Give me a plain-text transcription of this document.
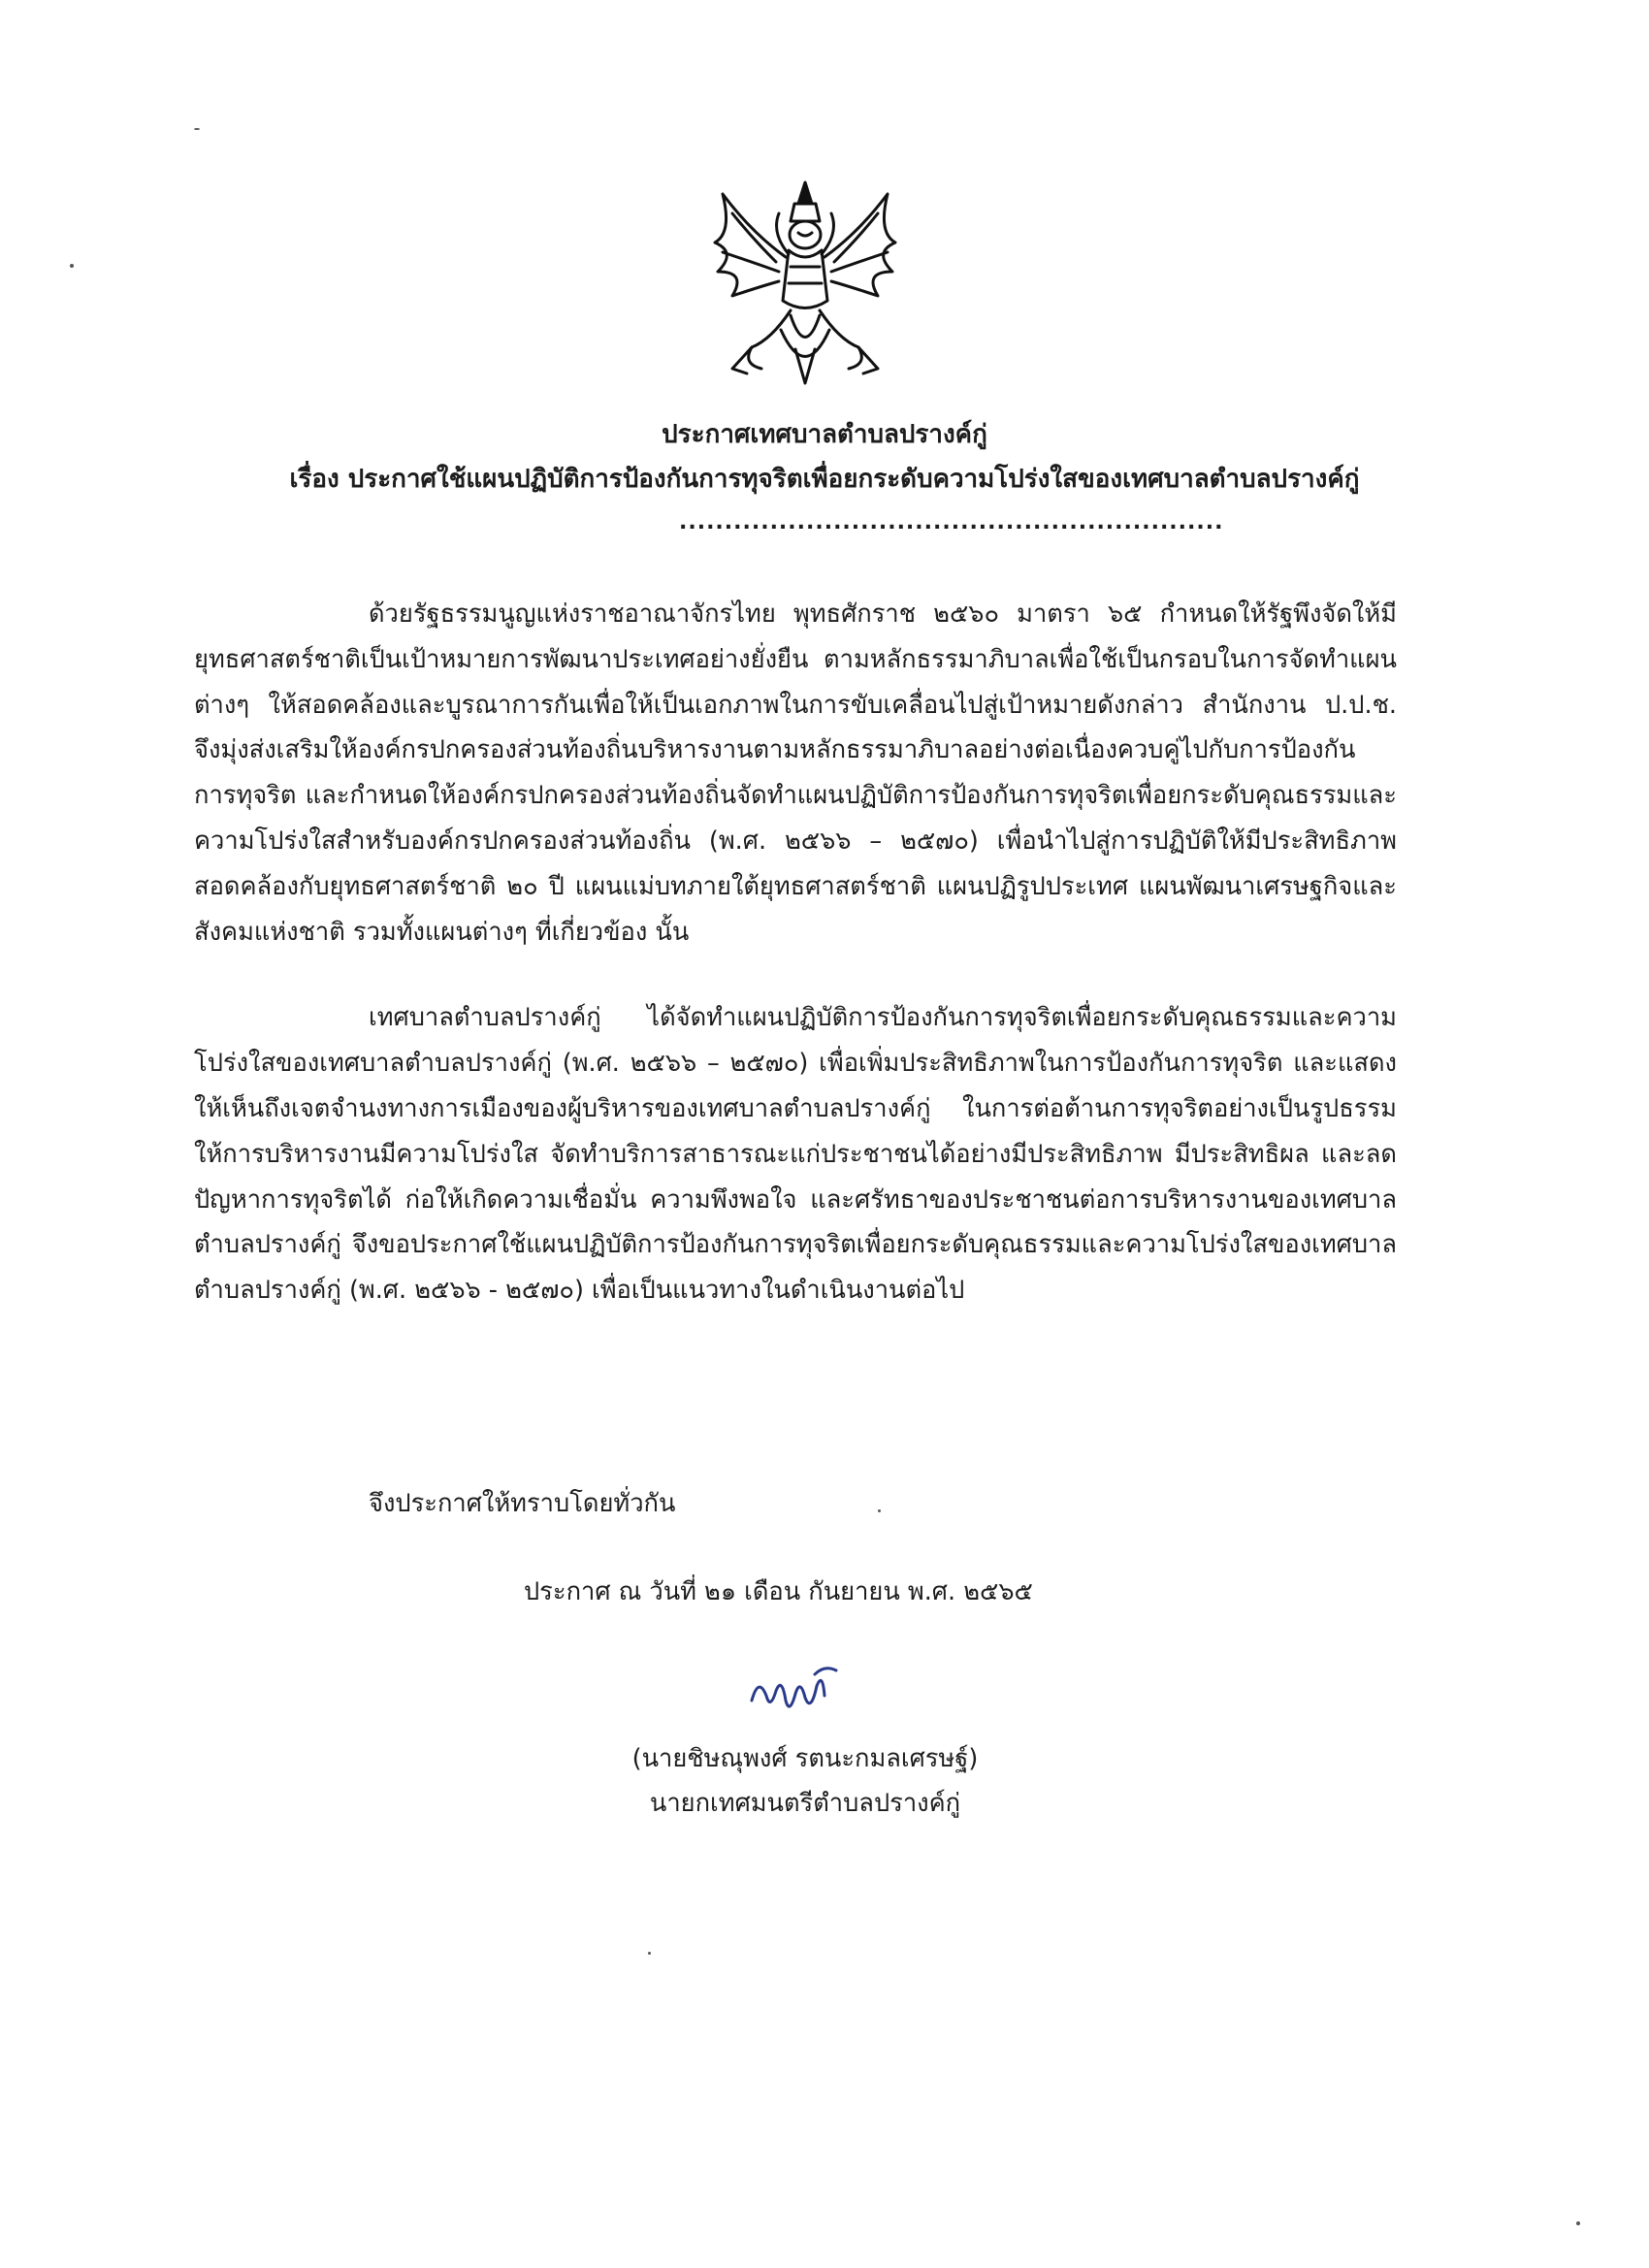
ประกาศเทศบาลตำบลปรางค์กู่
เรื่อง ประกาศใช้แผนปฏิบัติการป้องกันการทุจริตเพื่อยกระดับความโปร่งใสของเทศบาลตำบลปรางค์กู่
............................................................

ด้วยรัฐธรรมนูญแห่งราชอาณาจักรไทย พุทธศักราช ๒๕๖๐ มาตรา ๖๕ กำหนดให้รัฐพึงจัดให้มียุทธศาสตร์ชาติเป็นเป้าหมายการพัฒนาประเทศอย่างยั่งยืน ตามหลักธรรมาภิบาลเพื่อใช้เป็นกรอบในการจัดทำแผนต่างๆ ให้สอดคล้องและบูรณาการกันเพื่อให้เป็นเอกภาพในการขับเคลื่อนไปสู่เป้าหมายดังกล่าว สำนักงาน ป.ป.ช. จึงมุ่งส่งเสริมให้องค์กรปกครองส่วนท้องถิ่นบริหารงานตามหลักธรรมาภิบาลอย่างต่อเนื่องควบคู่ไปกับการป้องกันการทุจริต และกำหนดให้องค์กรปกครองส่วนท้องถิ่นจัดทำแผนปฏิบัติการป้องกันการทุจริตเพื่อยกระดับคุณธรรมและความโปร่งใสสำหรับองค์กรปกครองส่วนท้องถิ่น (พ.ศ. ๒๕๖๖ – ๒๕๗๐) เพื่อนำไปสู่การปฏิบัติให้มีประสิทธิภาพสอดคล้องกับยุทธศาสตร์ชาติ ๒๐ ปี แผนแม่บทภายใต้ยุทธศาสตร์ชาติ แผนปฏิรูปประเทศ แผนพัฒนาเศรษฐกิจและสังคมแห่งชาติ รวมทั้งแผนต่างๆ ที่เกี่ยวข้อง นั้น

เทศบาลตำบลปรางค์กู่ ได้จัดทำแผนปฏิบัติการป้องกันการทุจริตเพื่อยกระดับคุณธรรมและความโปร่งใสของเทศบาลตำบลปรางค์กู่ (พ.ศ. ๒๕๖๖ – ๒๕๗๐) เพื่อเพิ่มประสิทธิภาพในการป้องกันการทุจริต และแสดงให้เห็นถึงเจตจำนงทางการเมืองของผู้บริหารของเทศบาลตำบลปรางค์กู่ ในการต่อต้านการทุจริตอย่างเป็นรูปธรรม ให้การบริหารงานมีความโปร่งใส จัดทำบริการสาธารณะแก่ประชาชนได้อย่างมีประสิทธิภาพ มีประสิทธิผล และลดปัญหาการทุจริตได้ ก่อให้เกิดความเชื่อมั่น ความพึงพอใจ และศรัทธาของประชาชนต่อการบริหารงานของเทศบาลตำบลปรางค์กู่ จึงขอประกาศใช้แผนปฏิบัติการป้องกันการทุจริตเพื่อยกระดับคุณธรรมและความโปร่งใสของเทศบาลตำบลปรางค์กู่ (พ.ศ. ๒๕๖๖ - ๒๕๗๐) เพื่อเป็นแนวทางในดำเนินงานต่อไป

จึงประกาศให้ทราบโดยทั่วกัน
ประกาศ ณ วันที่ ๒๑ เดือน กันยายน พ.ศ. ๒๕๖๕
(นายชิษณุพงศ์ รตนะกมลเศรษฐ์)
นายกเทศมนตรีตำบลปรางค์กู่
